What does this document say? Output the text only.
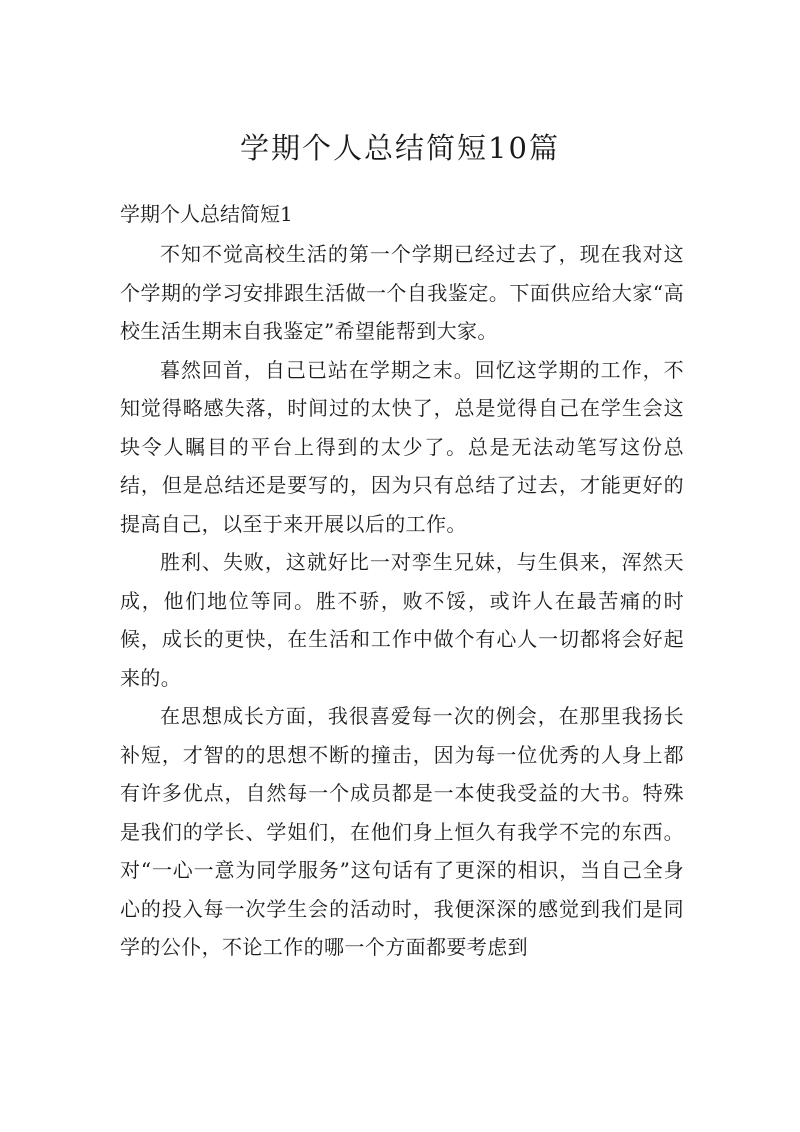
学期个人总结简短10篇
学期个人总结简短1

不知不觉高校生活的第一个学期已经过去了，现在我对这个学期的学习安排跟生活做一个自我鉴定。下面供应给大家“高校生活生期末自我鉴定”希望能帮到大家。

暮然回首，自己已站在学期之末。回忆这学期的工作，不知觉得略感失落，时间过的太快了，总是觉得自己在学生会这块令人瞩目的平台上得到的太少了。总是无法动笔写这份总结，但是总结还是要写的，因为只有总结了过去，才能更好的提高自己，以至于来开展以后的工作。

胜利、失败，这就好比一对孪生兄妹，与生俱来，浑然天成，他们地位等同。胜不骄，败不馁，或许人在最苦痛的时候，成长的更快，在生活和工作中做个有心人一切都将会好起来的。

在思想成长方面，我很喜爱每一次的例会，在那里我扬长补短，才智的的思想不断的撞击，因为每一位优秀的人身上都有许多优点，自然每一个成员都是一本使我受益的大书。特殊是我们的学长、学姐们，在他们身上恒久有我学不完的东西。对“一心一意为同学服务”这句话有了更深的相识，当自己全身心的投入每一次学生会的活动时，我便深深的感觉到我们是同学的公仆，不论工作的哪一个方面都要考虑到
